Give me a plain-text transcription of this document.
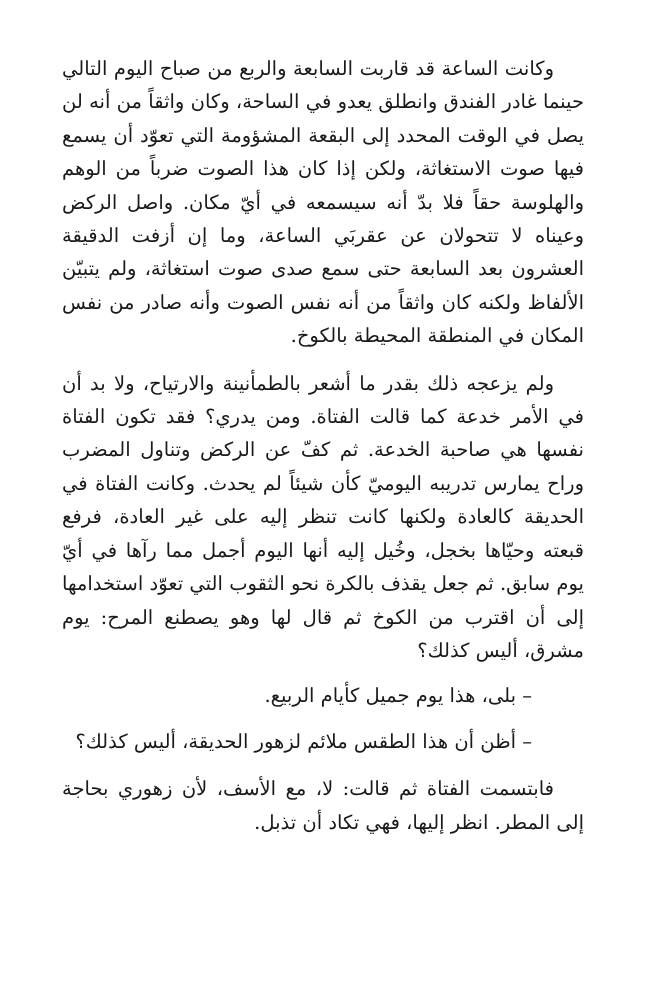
وكانت الساعة قد قاربت السابعة والربع من صباح اليوم التالي حينما غادر الفندق وانطلق يعدو في الساحة، وكان واثقاً من أنه لن يصل في الوقت المحدد إلى البقعة المشؤومة التي تعوّد أن يسمع فيها صوت الاستغاثة، ولكن إذا كان هذا الصوت ضرباً من الوهم والهلوسة حقاً فلا بدّ أنه سيسمعه في أيّ مكان. واصل الركض وعيناه لا تتحولان عن عقربَي الساعة، وما إن أزفت الدقيقة العشرون بعد السابعة حتى سمع صدى صوت استغاثة، ولم يتبيّن الألفاظ ولكنه كان واثقاً من أنه نفس الصوت وأنه صادر من نفس المكان في المنطقة المحيطة بالكوخ.

ولم يزعجه ذلك بقدر ما أشعر بالطمأنينة والارتياح، ولا بد أن في الأمر خدعة كما قالت الفتاة. ومن يدري؟ فقد تكون الفتاة نفسها هي صاحبة الخدعة. ثم كفّ عن الركض وتناول المضرب وراح يمارس تدريبه اليوميّ كأن شيئاً لم يحدث. وكانت الفتاة في الحديقة كالعادة ولكنها كانت تنظر إليه على غير العادة، فرفع قبعته وحيّاها بخجل، وخُيل إليه أنها اليوم أجمل مما رآها في أيّ يوم سابق. ثم جعل يقذف بالكرة نحو الثقوب التي تعوّد استخدامها إلى أن اقترب من الكوخ ثم قال لها وهو يصطنع المرح: يوم مشرق، أليس كذلك؟

– بلى، هذا يوم جميل كأيام الربيع.

– أظن أن هذا الطقس ملائم لزهور الحديقة، أليس كذلك؟

فابتسمت الفتاة ثم قالت: لا، مع الأسف، لأن زهوري بحاجة إلى المطر. انظر إليها، فهي تكاد أن تذبل.
